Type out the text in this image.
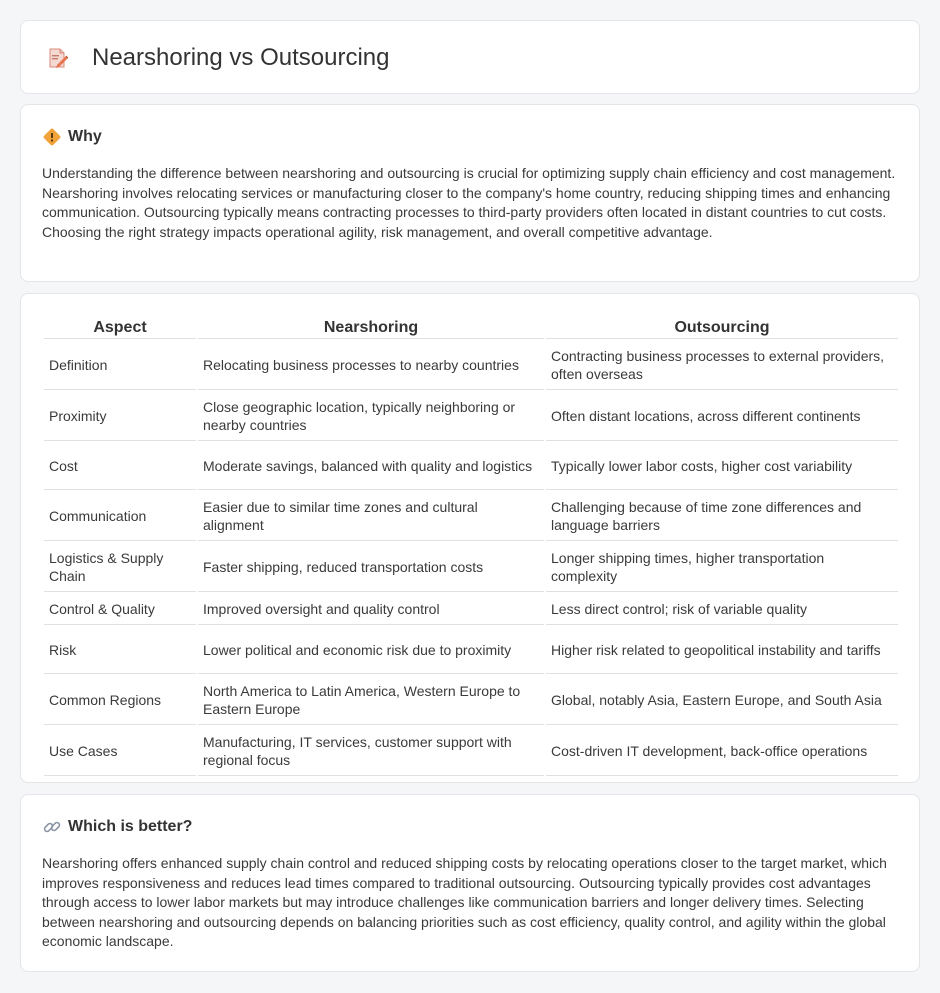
Nearshoring vs Outsourcing
Why

Understanding the difference between nearshoring and outsourcing is crucial for optimizing supply chain efficiency and cost management. Nearshoring involves relocating services or manufacturing closer to the company's home country, reducing shipping times and enhancing communication. Outsourcing typically means contracting processes to third-party providers often located in distant countries to cut costs. Choosing the right strategy impacts operational agility, risk management, and overall competitive advantage.

Aspect	Nearshoring	Outsourcing
Definition	Relocating business processes to nearby countries	Contracting business processes to external providers, often overseas
Proximity	Close geographic location, typically neighboring or nearby countries	Often distant locations, across different continents
Cost	Moderate savings, balanced with quality and logistics	Typically lower labor costs, higher cost variability
Communication	Easier due to similar time zones and cultural alignment	Challenging because of time zone differences and language barriers
Logistics & Supply Chain	Faster shipping, reduced transportation costs	Longer shipping times, higher transportation complexity
Control & Quality	Improved oversight and quality control	Less direct control; risk of variable quality
Risk	Lower political and economic risk due to proximity	Higher risk related to geopolitical instability and tariffs
Common Regions	North America to Latin America, Western Europe to Eastern Europe	Global, notably Asia, Eastern Europe, and South Asia
Use Cases	Manufacturing, IT services, customer support with regional focus	Cost-driven IT development, back-office operations
Which is better?

Nearshoring offers enhanced supply chain control and reduced shipping costs by relocating operations closer to the target market, which improves responsiveness and reduces lead times compared to traditional outsourcing. Outsourcing typically provides cost advantages through access to lower labor markets but may introduce challenges like communication barriers and longer delivery times. Selecting between nearshoring and outsourcing depends on balancing priorities such as cost efficiency, quality control, and agility within the global economic landscape.
